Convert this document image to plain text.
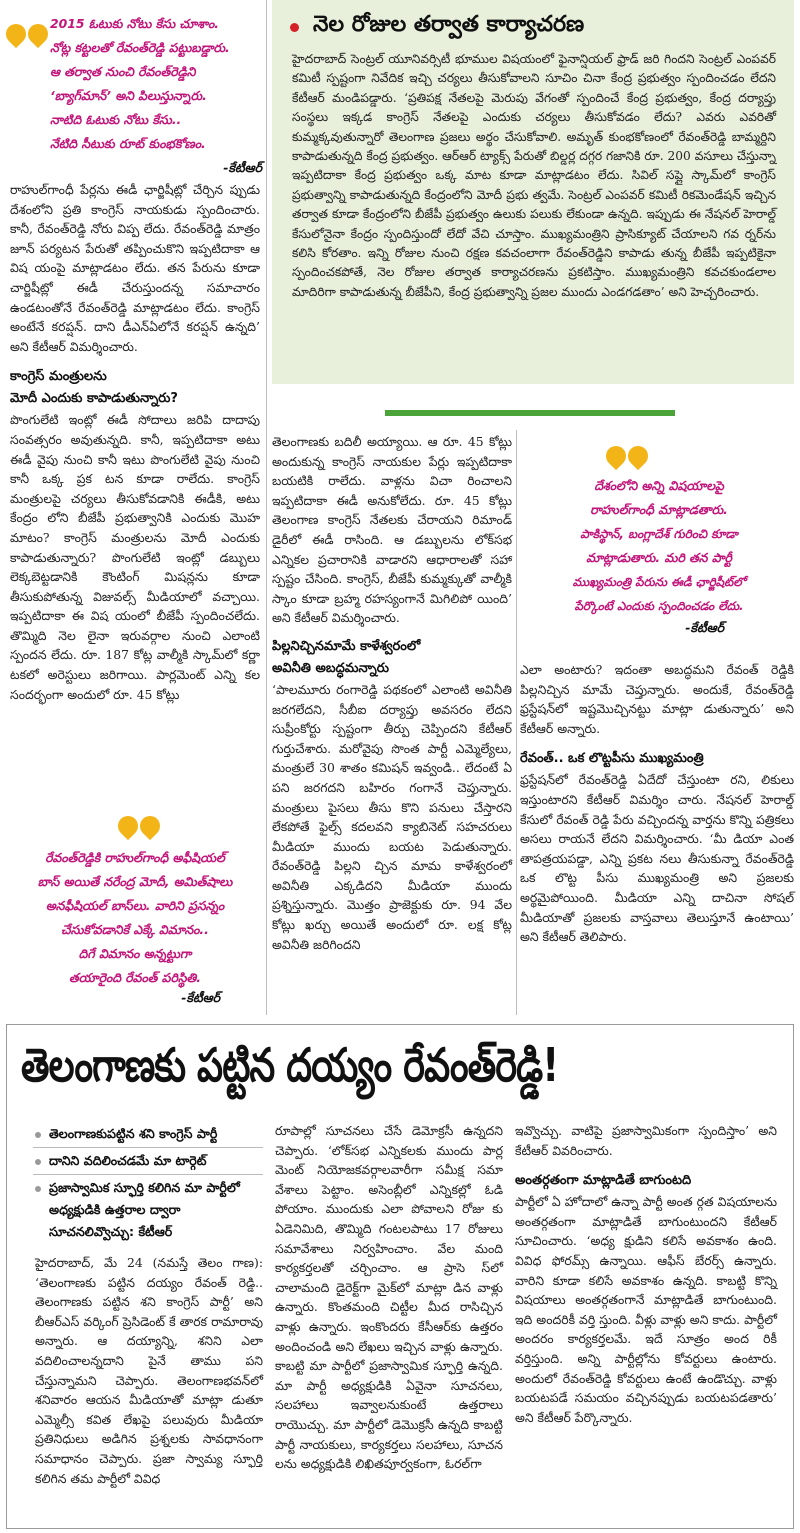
2015 ఓటుకు నోటు కేసు చూశాం.

నోట్ల కట్టలతో రేవంత్‌రెడ్డి పట్టుబడ్డారు.

ఆ తర్వాత నుంచి రేవంత్‌రెడ్డిని

‘బ్యాగ్‌మాన్’ అని పిలుస్తున్నారు.

నాటిది ఓటుకు నోటు కేసు..

నేటిది సీటుకు రూట్ కుంభకోణం.

-కేటీఆర్

రాహుల్‌గాంధీ పేర్లను ఈడీ ఛార్జిషీట్లో చేర్చిన ప్పుడు దేశంలోని ప్రతి కాంగ్రెస్ నాయకుడు స్పందించారు. కానీ, రేవంత్‌రెడ్డి నోరు విప్ప లేదు. రేవంత్‌రెడ్డి మాత్రం జూన్ పర్యటన పేరుతో తప్పించుకొని ఇప్పటిదాకా ఆ విష యంపై మాట్లాడటం లేదు. తన పేరును కూడా చార్జిషీట్లో ఈడీ చేరుస్తుందన్న సమాచారం ఉండటంతోనే రేవంత్‌రెడ్డి మాట్లాడటం లేదు. కాంగ్రెస్ అంటేనే కరప్షన్. దాని డీఎన్‌ఏలోనే కరప్షన్ ఉన్నది’ అని కేటీఆర్ విమర్శించారు.

కాంగ్రెస్ మంత్రులను

మోదీ ఎందుకు కాపాడుతున్నారు?

పొంగులేటి ఇంట్లో ఈడీ సోదాలు జరిపి దాదాపు సంవత్సరం అవుతున్నది. కానీ, ఇప్పటిదాకా అటు ఈడీ వైపు నుంచి కానీ ఇటు పొంగులేటి వైపు నుంచి కానీ ఒక్క ప్రక టన కూడా రాలేదు. కాంగ్రెస్ మంత్రులపై చర్యలు తీసుకోవడానికి ఈడీకి, అటు కేంద్రం లోని బీజేపీ ప్రభుత్వానికి ఎందుకు మొహ మాటం? కాంగ్రెస్ మంత్రులను మోదీ ఎందుకు కాపాడుతున్నారు? పొంగులేటి ఇంట్లో డబ్బులు లెక్కబెట్టడానికి కౌంటింగ్ మిషన్లను కూడా తీసుకుపోతున్న విజువల్స్ మీడియాలో వచ్చాయి. ఇప్పటిదాకా ఈ విష యంలో బీజేపీ స్పందించలేదు. తొమ్మిది నెల లైనా ఇరువర్గాల నుంచి ఎలాంటి స్పందన లేదు. రూ. 187 కోట్ల వాల్మీకి స్కామ్‌లో కర్ణా టకలో అరెస్టులు జరిగాయి. పార్లమెంట్ ఎన్ని కల సందర్భంగా అందులో రూ. 45 కోట్లు

రేవంత్‌రెడ్డికి రాహుల్‌గాంధీ అఫీషియల్

బాస్ అయితే నరేంద్ర మోదీ, అమిత్‌షాలు

అనఫీషియల్ బాస్‌లు. వారిని ప్రసన్నం

చేసుకోవడానికే ఎక్కే విమానం..

దిగే విమానం అన్నట్టుగా

తయారైంది రేవంత్ పరిస్థితి.

-కేటీఆర్

నెల రోజుల తర్వాత కార్యాచరణ

హైదరాబాద్ సెంట్రల్ యూనివర్సిటీ భూముల విషయంలో ఫైనాన్షియల్ ఫ్రాడ్ జరి గిందని సెంట్రల్ ఎంపవర్ కమిటీ స్పష్టంగా నివేదిక ఇచ్చి చర్యలు తీసుకోవాలని సూచిం చినా కేంద్ర ప్రభుత్వం స్పందించడం లేదని కేటీఆర్ మండిపడ్డారు. ‘ప్రతిపక్ష నేతలపై మెరుపు వేగంతో స్పందించే కేంద్ర ప్రభుత్వం, కేంద్ర దర్యాప్తు సంస్థలు ఇక్కడ కాంగ్రెస్ నేతలపై ఎందుకు చర్యలు తీసుకోవడం లేదు? ఎవరు ఎవరితో కుమ్మక్కవుతున్నారో తెలంగాణ ప్రజలు అర్థం చేసుకోవాలి. అమృత్ కుంభకోణంలో రేవంత్‌రెడ్డి బామ్మర్దిని కాపాడుతున్నది కేంద్ర ప్రభుత్వం. ఆర్‌ఆర్ ట్యాక్స్ పేరుతో బిల్డర్ల దగ్గర గజానికి రూ. 200 వసూలు చేస్తున్నా ఇప్పటిదాకా కేంద్ర ప్రభుత్వం ఒక్క మాట కూడా మాట్లాడటం లేదు. సివిల్ సప్లై స్కామ్‌లో కాంగ్రెస్ ప్రభుత్వాన్ని కాపాడుతున్నది కేంద్రంలోని మోదీ ప్రభు త్వమే. సెంట్రల్ ఎంపవర్ కమిటీ రికమెండేషన్ ఇచ్చిన తర్వాత కూడా కేంద్రంలోని బీజేపీ ప్రభుత్వం ఉలుకు పలుకు లేకుండా ఉన్నది. ఇప్పుడు ఈ నేషనల్ హెరాల్డ్ కేసులోనైనా కేంద్రం స్పందిస్తుందో లేదో వేచి చూస్తాం. ముఖ్యమంత్రిని ప్రాసిక్యూట్ చేయాలని గవ ర్నర్‌ను కలిసి కోరతాం. ఇన్ని రోజుల నుంచి రక్షణ కవచంలాగా రేవంత్‌రెడ్డిని కాపాడు తున్న బీజేపీ ఇప్పటికైనా స్పందించకపోతే, నెల రోజుల తర్వాత కార్యాచరణను ప్రకటిస్తాం. ముఖ్యమంత్రిని కవచకుండలాల మాదిరిగా కాపాడుతున్న బీజేపీని, కేంద్ర ప్రభుత్వాన్ని ప్రజల ముందు ఎండగడతాం’ అని హెచ్చరించారు.

తెలంగాణకు బదిలీ అయ్యాయి. ఆ రూ. 45 కోట్లు అందుకున్న కాంగ్రెస్ నాయకుల పేర్లు ఇప్పటిదాకా బయటికి రాలేదు. వాళ్లను విచా రించాలని ఇప్పటిదాకా ఈడీ అనుకోలేదు. రూ. 45 కోట్లు తెలంగాణ కాంగ్రెస్ నేతలకు చేరాయని రిమాండ్ డైరీలో ఈడీ రాసింది. ఆ డబ్బులను లోక్‌సభ ఎన్నికల ప్రచారానికి వాడారని ఆధారాలతో సహా స్పష్టం చేసింది. కాంగ్రెస్, బీజేపీ కుమ్మక్కుతో వాల్మీకి స్కాం కూడా బ్రహ్మ రహస్యంగానే మిగిలిపో యింది’ అని కేటీఆర్ విమర్శించారు.

పిల్లనిచ్చినమామే కాళేశ్వరంలో

అవినీతి అబద్ధమన్నారు

‘పాలమూరు రంగారెడ్డి పథకంలో ఎలాంటి అవినీతి జరగలేదని, సీబీఐ దర్యాప్తు అవసరం లేదని సుప్రీంకోర్టు స్పష్టంగా తీర్పు చెప్పిందని కేటీఆర్ గుర్తుచేశారు. మరోవైపు సొంత పార్టీ ఎమ్మెల్యేలు, మంత్రులే 30 శాతం కమిషన్ ఇవ్వండి.. లేదంటే ఏ పని జరగదని బహిరం గంగానే చెప్తున్నారు. మంత్రులు పైసలు తీసు కొని పనులు చేస్తారని లేకపోతే ఫైల్స్ కదలవని క్యాబినెట్ సహచరులు మీడియా ముందు బయట పెడుతున్నారు. రేవంత్‌రెడ్డి పిల్లని చ్చిన మామ కాళేశ్వరంలో అవినీతి ఎక్కడిదని మీడియా ముందు ప్రశ్నిస్తున్నారు. మొత్తం ప్రాజెక్టుకు రూ. 94 వేల కోట్లు ఖర్చు అయితే అందులో రూ. లక్ష కోట్ల అవినీతి జరిగిందని

దేశంలోని అన్ని విషయాలపై

రాహుల్‌గాంధీ మాట్లాడతారు.

పాకిస్థాన్, బంగ్లాదేశ్ గురించి కూడా

మాట్లాడుతారు. మరి తన పార్టీ

ముఖ్యమంత్రి పేరును ఈడీ ఛార్జిషీట్‌లో

పేర్కొంటే ఎందుకు స్పందించడం లేదు.

-కేటీఆర్

ఎలా అంటారు? ఇదంతా అబద్ధమని రేవంత్ రెడ్డికి పిల్లనిచ్చిన మామే చెప్తున్నారు. అందుకే, రేవంత్‌రెడ్డి ఫ్రస్టేషన్‌లో ఇష్టమొచ్చినట్టు మాట్లా డుతున్నారు’ అని కేటీఆర్ అన్నారు.

రేవంత్.. ఒక లొట్టపీసు ముఖ్యమంత్రి

ఫ్రస్టేషన్‌లో రేవంత్‌రెడ్డి ఏదేదో చేస్తుంటా రని, లికులు ఇస్తుంటారని కేటీఆర్ విమర్శిం చారు. నేషనల్ హెరాల్డ్ కేసులో రేవంత్ రెడ్డి పేరు వచ్చిందన్న వార్తను కొన్ని పత్రికలు అసలు రాయనే లేదని విమర్శించారు. ‘మీ డియా ఎంత తాపత్రయపడ్డా, ఎన్ని ప్రకట నలు తీసుకున్నా రేవంత్‌రెడ్డి ఒక లొట్ట పీసు ముఖ్యమంత్రి అని ప్రజలకు అర్థమైపోయింది. మీడియా ఎన్ని దాచినా సోషల్ మీడియాతో ప్రజలకు వాస్తవాలు తెలుస్తూనే ఉంటాయి’ అని కేటీఆర్ తెలిపారు.

తెలంగాణకు పట్టిన దయ్యం రేవంత్‌రెడ్డి!
తెలంగాణకుపట్టిన శని కాంగ్రెస్ పార్టీ
దానిని వదిలించడమే మా టార్గెట్
ప్రజాస్వామిక స్ఫూర్తి కలిగిన మా పార్టీలో అధ్యక్షుడికి ఉత్తరాల ద్వారా సూచనలివ్వొచ్చు: కేటీఆర్

హైదరాబాద్, మే 24 (నమస్తే తెలం గాణ): ‘తెలంగాణకు పట్టిన దయ్యం రేవంత్ రెడ్డి.. తెలంగాణకు పట్టిన శని కాంగ్రెస్ పార్టీ’ అని బీఆర్‌ఎస్ వర్కింగ్ ప్రెసిడెంట్ కే తారక రామారావు అన్నారు. ఆ దయ్యాన్ని, శనిని ఎలా వదిలించాలన్నదాని పైనే తాము పని చేస్తున్నామని చెప్పారు. తెలంగాణభవన్‌లో శనివారం ఆయన మీడియాతో మాట్లా డుతూ ఎమ్మెల్సీ కవిత లేఖపై పలువురు మీడియా ప్రతినిధులు అడిగిన ప్రశ్నలకు సావధానంగా సమాధానం చెప్పారు. ప్రజా స్వామ్య స్ఫూర్తి కలిగిన తమ పార్టీలో వివిధ

రూపాల్లో సూచనలు చేసే డెమోక్రసీ ఉన్నదని చెప్పారు. ‘లోక్‌సభ ఎన్నికలకు ముందు పార్ల మెంట్ నియోజకవర్గాలవారీగా సమీక్ష సమా వేశాలు పెట్టాం. అసెంబ్లీలో ఎన్నికల్లో ఓడి పోయాం. ముందుకు ఎలా పోవాలని రోజు కు ఏడెనిమిది, తొమ్మిది గంటలపాటు 17 రోజులు సమావేశాలు నిర్వహించాం. వేల మంది కార్యకర్తలతో చర్చించాం. ఆ ప్రాసె స్‌లో చాలామంది డైరెక్ట్‌గా మైక్‌లో మాట్లా డిన వాళ్లు ఉన్నారు. కొంతమంది చిట్టీల మీద రాసిచ్చిన వాళ్లు ఉన్నారు. ఇంకొందరు కేసీఆర్‌కు ఉత్తరం అందించండి అని లేఖలు ఇచ్చిన వాళ్లు ఉన్నారు. కాబట్టి మా పార్టీలో ప్రజాస్వామిక స్ఫూర్తి ఉన్నది. మా పార్టీ అధ్యక్షుడికి ఏవైనా సూచనలు, సలహాలు ఇవ్వాలనుకుంటే ఉత్తరాలు రాయొచ్చు. మా పార్టీలో డెమొక్రసీ ఉన్నది కాబట్టి పార్టీ నాయకులు, కార్యకర్తలు సలహాలు, సూచన లను అధ్యక్షుడికి లిఖితపూర్వకంగా, ఓరల్‌గా

ఇవ్వొచ్చు. వాటిపై ప్రజాస్వామికంగా స్పందిస్తాం’ అని కేటీఆర్ వివరించారు.

అంతర్గతంగా మాట్లాడితే బాగుంటది

పార్టీలో ఏ హోదాలో ఉన్నా పార్టీ అంత ర్గత విషయాలను అంతర్గతంగా మాట్లాడితే బాగుంటుందని కేటీఆర్ సూచించారు. ‘అధ్య క్షుడిని కలిసే అవకాశం ఉంది. వివిధ ఫోరమ్స్ ఉన్నాయి. ఆఫీస్ బేరర్స్ ఉన్నారు. వారిని కూడా కలిసే అవకాశం ఉన్నది. కాబట్టి కొన్ని విషయాలు అంతర్గతంగానే మాట్లాడితే బాగుంటుంది. ఇది అందరికీ వర్తి స్తుంది. వీళ్లు వాళ్లు అని కాదు. పార్టీలో అందరం కార్యకర్తలమే. ఇదే సూత్రం అంద రికీ వర్తిస్తుంది. అన్ని పార్టీల్లోను కోవర్టులు ఉంటారు. అందులో రేవంత్‌రెడ్డి కోవర్టులు ఉంటే ఉండొచ్చు. వాళ్లు బయటపడే సమయం వచ్చినప్పుడు బయటపడతారు’ అని కేటీఆర్ పేర్కొన్నారు.
